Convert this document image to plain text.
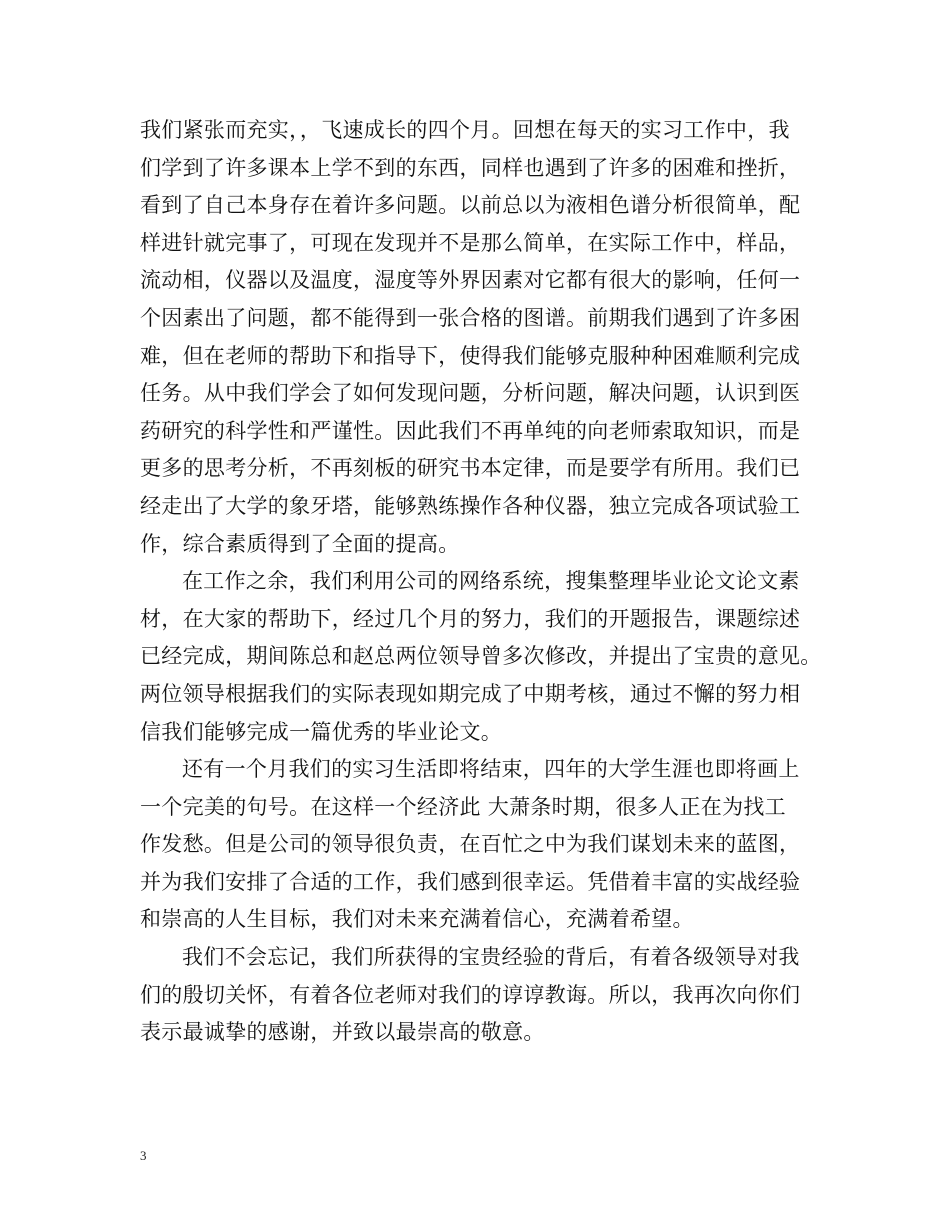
我们紧张而充实，，飞速成长的四个月。回想在每天的实习工作中，我
们学到了许多课本上学不到的东西，同样也遇到了许多的困难和挫折，
看到了自己本身存在着许多问题。以前总以为液相色谱分析很简单，配
样进针就完事了，可现在发现并不是那么简单，在实际工作中，样品，
流动相，仪器以及温度，湿度等外界因素对它都有很大的影响，任何一
个因素出了问题，都不能得到一张合格的图谱。前期我们遇到了许多困
难，但在老师的帮助下和指导下，使得我们能够克服种种困难顺利完成
任务。从中我们学会了如何发现问题，分析问题，解决问题，认识到医
药研究的科学性和严谨性。因此我们不再单纯的向老师索取知识，而是
更多的思考分析，不再刻板的研究书本定律，而是要学有所用。我们已
经走出了大学的象牙塔，能够熟练操作各种仪器，独立完成各项试验工
作，综合素质得到了全面的提高。
在工作之余，我们利用公司的网络系统，搜集整理毕业论文论文素
材，在大家的帮助下，经过几个月的努力，我们的开题报告，课题综述
已经完成，期间陈总和赵总两位领导曾多次修改，并提出了宝贵的意见。
两位领导根据我们的实际表现如期完成了中期考核，通过不懈的努力相
信我们能够完成一篇优秀的毕业论文。
还有一个月我们的实习生活即将结束，四年的大学生涯也即将画上
一个完美的句号。在这样一个经济此 大萧条时期，很多人正在为找工
作发愁。但是公司的领导很负责，在百忙之中为我们谋划未来的蓝图，
并为我们安排了合适的工作，我们感到很幸运。凭借着丰富的实战经验
和崇高的人生目标，我们对未来充满着信心，充满着希望。
我们不会忘记，我们所获得的宝贵经验的背后，有着各级领导对我
们的殷切关怀，有着各位老师对我们的谆谆教诲。所以，我再次向你们
表示最诚挚的感谢，并致以最崇高的敬意。
3
